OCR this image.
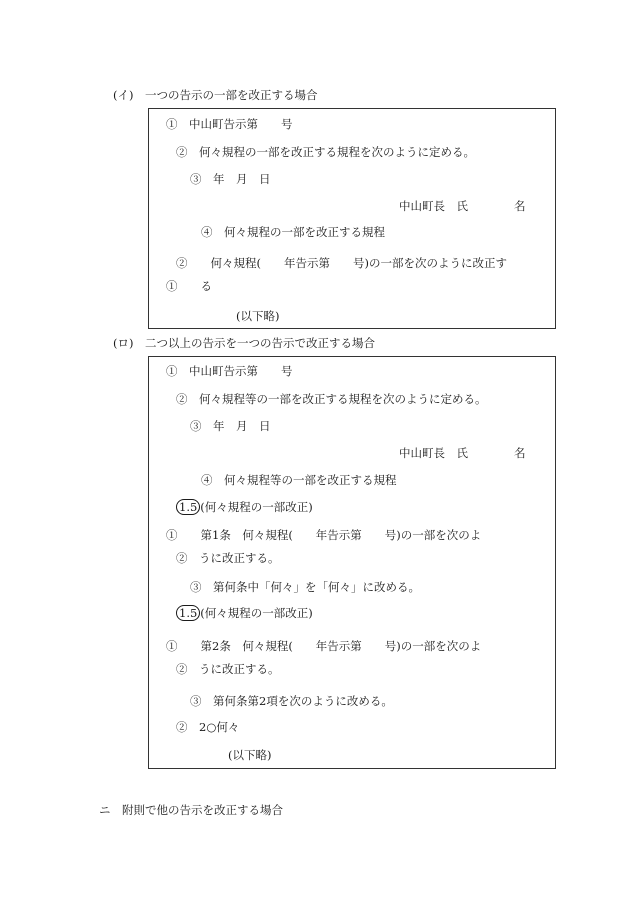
(イ)　一つの告示の一部を改正する場合
①　中山町告示第　　号
②　何々規程の一部を改正する規程を次のように定める。
③　年　月　日
中山町長　氏　　　　名
④　何々規程の一部を改正する規程
②　　何々規程(　　年告示第　　号)の一部を次のように改正す
①　　る
(以下略)
(ロ)　二つ以上の告示を一つの告示で改正する場合
①　中山町告示第　　号
②　何々規程等の一部を改正する規程を次のように定める。
③　年　月　日
中山町長　氏　　　　名
④　何々規程等の一部を改正する規程
1.5 (何々規程の一部改正)
①　　第1条　何々規程(　　年告示第　　号)の一部を次のよ
②　うに改正する。
③　第何条中「何々」を「何々」に改める。
1.5 (何々規程の一部改正)
①　　第2条　何々規程(　　年告示第　　号)の一部を次のよ
②　うに改正する。
③　第何条第2項を次のように改める。
②　2○何々
(以下略)
ニ　附則で他の告示を改正する場合
